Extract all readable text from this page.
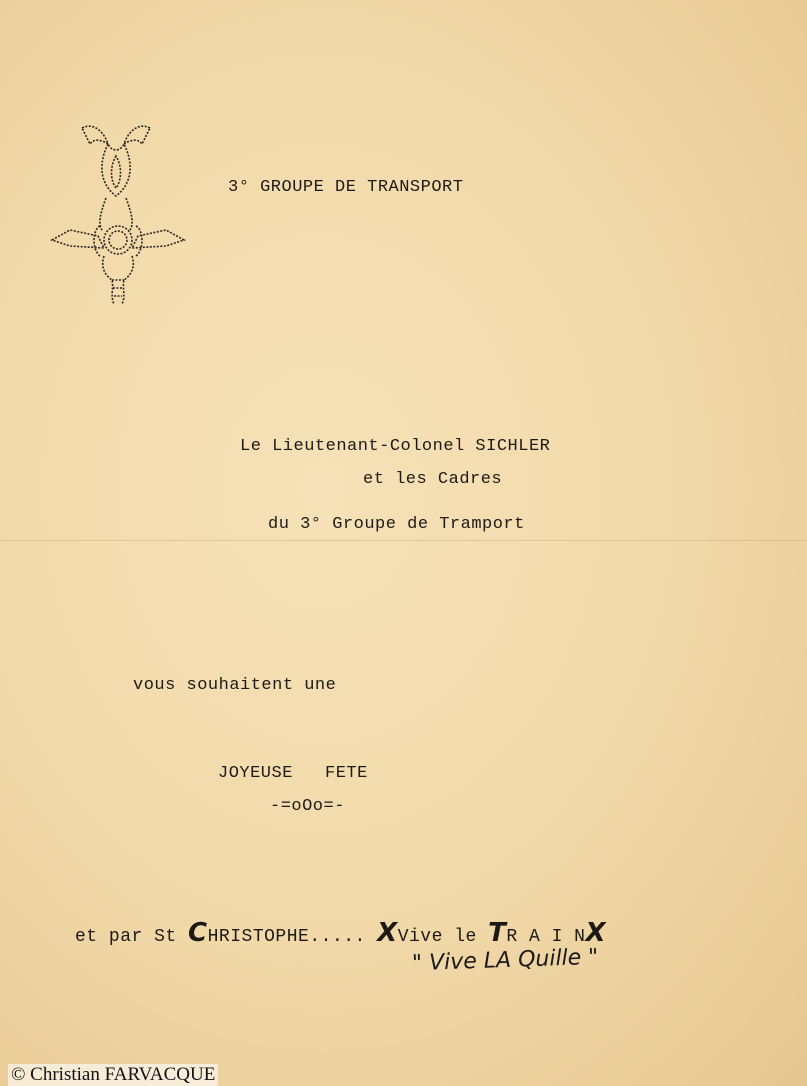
3° GROUPE DE TRANSPORT
Le Lieutenant-Colonel SICHLER
et les Cadres
du 3° Groupe de Tramport
vous souhaitent une
JOYEUSE   FETE
-=oOo=-
et par St CHRISTOPHE..... XVive le TR A I NX
" Vive LA Quille "
© Christian FARVACQUE
